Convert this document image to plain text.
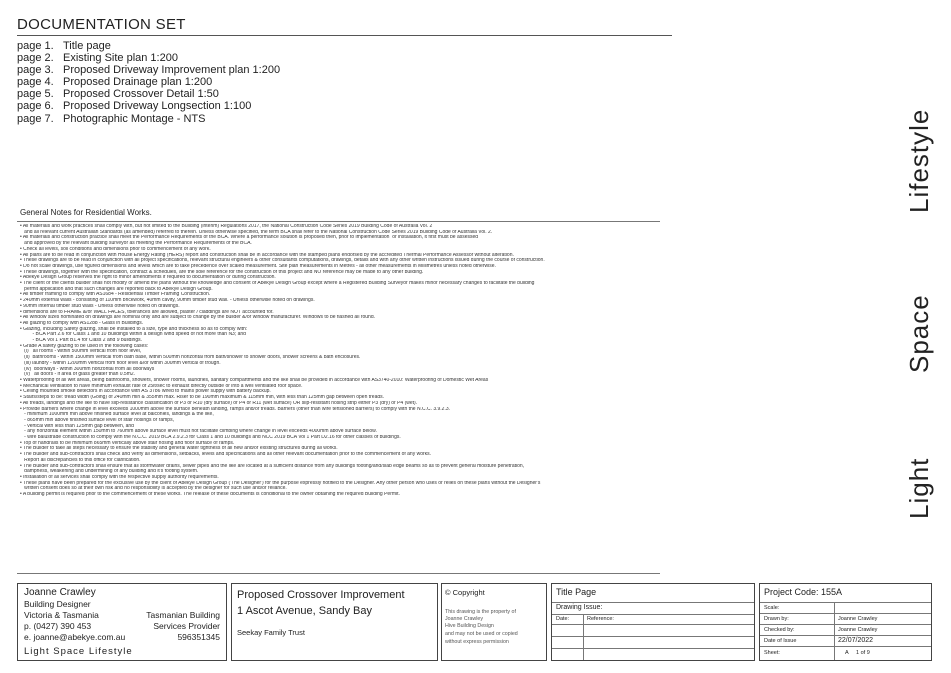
DOCUMENTATION SET
page 1. Title page
page 2. Existing Site plan 1:200
page 3. Proposed Driveway Improvement plan 1:200
page 4. Proposed Drainage plan 1:200
page 5. Proposed Crossover Detail 1:50
page 6. Proposed Driveway Longsection 1:100
page 7. Photographic Montage - NTS
General Notes for Residential Works.
• All materials and work practices shall comply with, but not limited to the Building (interim) Regulations 2017, the National Construction Code Series 2019 Building Code of Australia Vol. 2
and all relevant current Australian Standards (as amended) referred to therein. Unless otherwise specified, the term BCA shall refer to the National Construction Code Series 2019 Building Code of Australia Vol. 2.
• All materials and construction practice shall meet the Performance Requirements of the BCA. Where a performance solution is proposed then, prior to implementation  or installation, it first must be assessed
and approved by the relevant building surveyor as meeting the Performance Requirements of the BCA.
• Check all levels, soil conditions and dimensions prior to commencement of any work.
• All plans are to be read in conjunction with House Energy Rating (HERS) report and construction shall be in accordance with the stamped plans endorsed by the accredited Thermal Performance Assessor without alteration.
• These drawings are to be read in conjunction with all project specifications, relevant structural engineers & other consultants computations, drawings, details and with any other written instructions issued during the course of construction.
• Do not scale drawings, use figured dimensions and levels which are to take precedence over scaled measurement. Site plan measurements in Metres - all other measurements in Millimetres unless noted otherwise.
• These drawings, together with the specification, contract & schedules, are the sole reference for the construction of this project and NO reference may be made to any other building.
• Abekye Design Group reserves the right to minor amendments if required to documentation or during construction.
• The client or the clients builder shall not modify or amend the plans without the knowledge and consent of Abekye Design Group except where a Registered Building Surveyor makes minor necessary changes to facilitate the building
permit application and that such changes are reported back to Abekye Design Group.
• All timber framing to comply with AS1684 - Residential Timber Framing Construction.
• 240mm external walls - consisting of 110mm brickwork, 40mm cavity, 90mm timber stud wall. - Unless otherwise noted on drawings.
• 90mm internal timber stud walls - Unless otherwise noted on drawings.
• dimensions are to FRAME &/or WALL FACES, tolerances are allowed, plaster / claddings are NOT accounted for.
• All window sizes nominated on drawings are nominal only and are subject to change by the builder &/or window manufacturer. Windows to be flashed all round.
• All glazing to comply with AS1288 - Glass in Buildings.
• Glazing, including Safety glazing, shall be installed to a size, type and thickness so as to comply with:
- BCA Part 2.6 for Class 1 and 10 Buildings within a design wind speed of not more than N3; and
- BCA Vol 1 Part B1.4 for Class 2 and 9 buildings.
• Grade A safety glazing to be used in the following cases:
(i)   all rooms - within 500mm vertical from floor level,
(ii)  bathrooms - within 1500mm vertical from bath base, within 500mm horizontal from bath/shower to shower doors, shower screens & bath enclosures.
(iii) laundry - within 1200mm vertical from floor level &/or within 300mm vertical of trough.
(iv)  doorways - within 300mm horizontal from all doorways
(v)   all doors - if area of glass greater than 0.5m2.
• Waterproofing of all wet areas, being bathrooms, showers, shower rooms, laundries, sanitary compartments and the like shall be provided in accordance with AS3740-2010: Waterproofing of Domestic Wet Areas
• Mechanical ventilation to have minimum exhaust rate of 25lt/sec to exhaust directly outside or into a well ventilated roof space.
• Ceiling mounted smoke detectors in accordance with AS 3786 wired to mains power supply with battery backup.
• Stairs/steps to be: tread width (Going) of 240mm min & 355mm max. Riser to be 190mm maximum & 115mm min, with less than 125mm gap between open treads.
• All treads, landings and the like to have slip-resistance classification of P3 or R10 (dry surface) or P4 or R11 (wet surface) OR slip-resistant nosing strip either P3 (dry) or P4 (wet).
• Provide barriers where change in level exceeds 1000mm above the surface beneath landing, ramps and/or treads. Barriers (other than wire tensioned barriers) to comply with the N.C.C. 3.9.2.3.
- minimum 1000mm min above finished surface level at balconies, landings & the like,
- 865mm min above finished surface level of stair nosings or ramps,
- vertical with less than 125mm gap between, and
- any horizontal element within 150mm to 760mm above surface level must not facilitate climbing where change in level exceeds 4000mm above surface below.
- wire balustrade construction to comply with the N.C.C. 2019 BCA 2.9.2.3 for Class 1 and 10 buildings and NCC 2019 BCA Vol 1 Part D2.16 for other classes of buildings.
• Top of handrails to be minimum 865mm vertically above stair nosing and floor surface of ramps.
• The Builder to take all steps necessary to ensure the stability and general water tightness of all new and/or existing structures during all works.
• The Builder and sub-contractors shall check and verify all dimensions, setbacks, levels and specifications and all other relevant documentation prior to the commencement of any works.
Report all discrepancies to this office for clarification.
• The Builder and sub-contractors shall ensure that all stormwater drains, sewer pipes and the like are located at a sufficient distance from any buildings footing/and/slab edge beams so as to prevent general moisture penetration,
dampness, weakening and undermining of any building and it's footing system.
• Installation of all services shall comply with the respective supply authority requirements.
• These plans have been prepared for the exclusive use by the client of Abekye Design Group ('The Designer') for the purpose expressly notified to the Designer. Any other person who uses or relies on these plans without the Designer's
written consent does so at their own risk and no responsibility is accepted by the designer for such use and/or reliance.
• A building permit is required prior to the commencement of these works. The release of these documents is conditional to the owner obtaining the required Building Permit.
Lifestyle
Space
Light
Joanne Crawley
Building Designer
Victoria & Tasmania
p. (0427) 390 453
e. joanne@abekye.com.au
Light Space Lifestyle
Tasmanian Building
Services Provider
596351345
Proposed Crossover Improvement
1 Ascot Avenue, Sandy Bay
Seekay Family Trust
© Copyright
This drawing is the property of
Joanne Crawley
Hive Building Design
and may not be used or copied
without express permission
Title Page
Drawing Issue:
Date:	Reference:
Project Code: 155A
Scale:
Drawn by:	Joanne Crawley
Checked by:	Joanne Crawley
Date of Issue	22/07/2022
Sheet:	A     1 of 9
